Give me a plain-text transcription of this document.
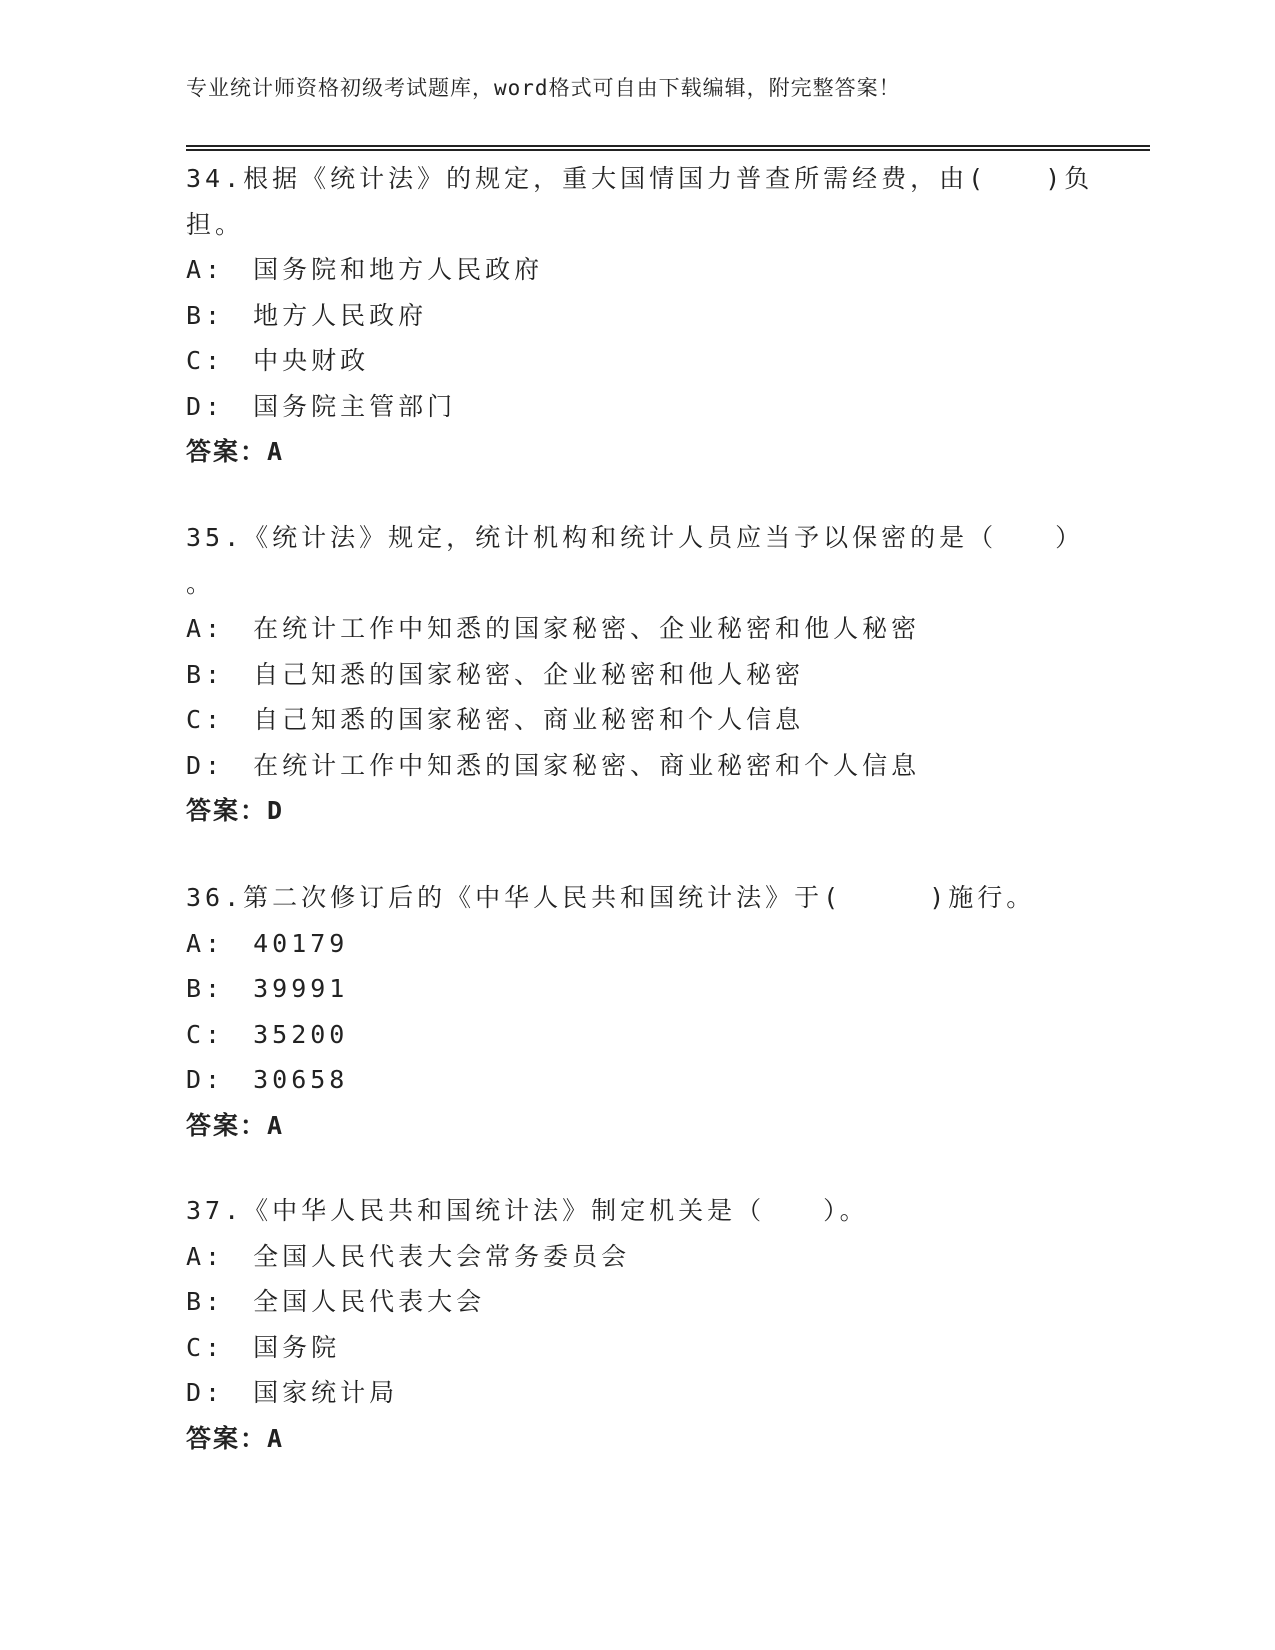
专业统计师资格初级考试题库，word格式可自由下载编辑，附完整答案！
34.根据《统计法》的规定，重大国情国力普查所需经费，由(　　)负
担。
A:　国务院和地方人民政府
B:　地方人民政府
C:　中央财政
D:　国务院主管部门
答案：A
35.《统计法》规定，统计机构和统计人员应当予以保密的是（　　）
。
A:　在统计工作中知悉的国家秘密、企业秘密和他人秘密
B:　自己知悉的国家秘密、企业秘密和他人秘密
C:　自己知悉的国家秘密、商业秘密和个人信息
D:　在统计工作中知悉的国家秘密、商业秘密和个人信息
答案：D
36.第二次修订后的《中华人民共和国统计法》于(　　　)施行。
A:　40179
B:　39991
C:　35200
D:　30658
答案：A
37.《中华人民共和国统计法》制定机关是（　　）。
A:　全国人民代表大会常务委员会
B:　全国人民代表大会
C:　国务院
D:　国家统计局
答案：A
